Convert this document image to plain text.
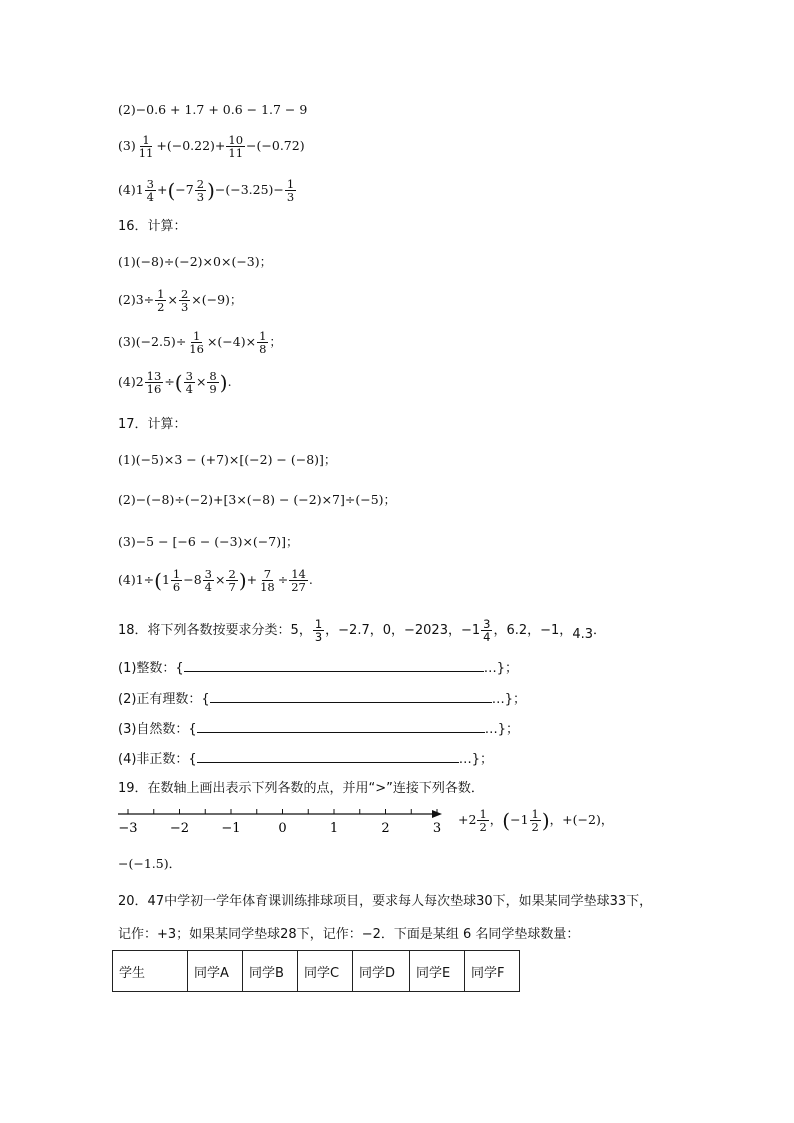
(2)−0.6 + 1.7 + 0.6 − 1.7 − 9
$(3) \frac{1}{11} +(-0.22)+ \frac{10}{11} -(-0.72)$
$(4)1 \frac{3}{4} +(-7 \frac{2}{3} )-(-3.25)- \frac{1}{3}$
16．计算：
(1)(−8)÷(−2)×0×(−3)；
$(2)3\div \frac{1}{2} \times \frac{2}{3} \times(-9)$；
$(3)(-2.5)\div \frac{1}{16} \times(-4)\times \frac{1}{8}$ ；
$(4)2 \frac{13}{16}$ ÷( $\frac{3}{4} \times \frac{8}{9}$ ).
17．计算：
(1)(−5)×3 − (+7)×[(−2) − (−8)]；
(2)−(−8)÷(−2)+[3×(−8) − (−2)×7]÷(−5)；
(3)−5 − [−6 − (−3)×(−7)]；
$(4)1\div(1 \frac{1}{6} -8 \frac{3}{4} \times \frac{2}{7}$ )+ $\frac{7}{18} \div \frac{14}{27}$ .
18．将下列各数按要求分类：5， $\frac{1}{3}$ ，−2.7，0，−2023，$-1 \frac{3}{4}$ ，6.2，−1，4.3．
(1)整数：{	…}；
(2)正有理数：{	…}；
(3)自然数：{	…}；
(4)非正数：{	…}；
19．在数轴上画出表示下列各数的点，并用“>”连接下列各数．
−3 −2 −1	0	1	2	3
$+2 \frac{1}{2}$ ，($-1 \frac{1}{2}$ )，+(−2)，
−(−1.5)．
20．47中学初一学年体育课训练排球项目，要求每人每次垫球30下，如果某同学垫球33下，
记作：+3；如果某同学垫球28下，记作：−2．下面是某组 6 名同学垫球数量：
学生	同学A	同学B	同学C	同学D	同学E	同学F
